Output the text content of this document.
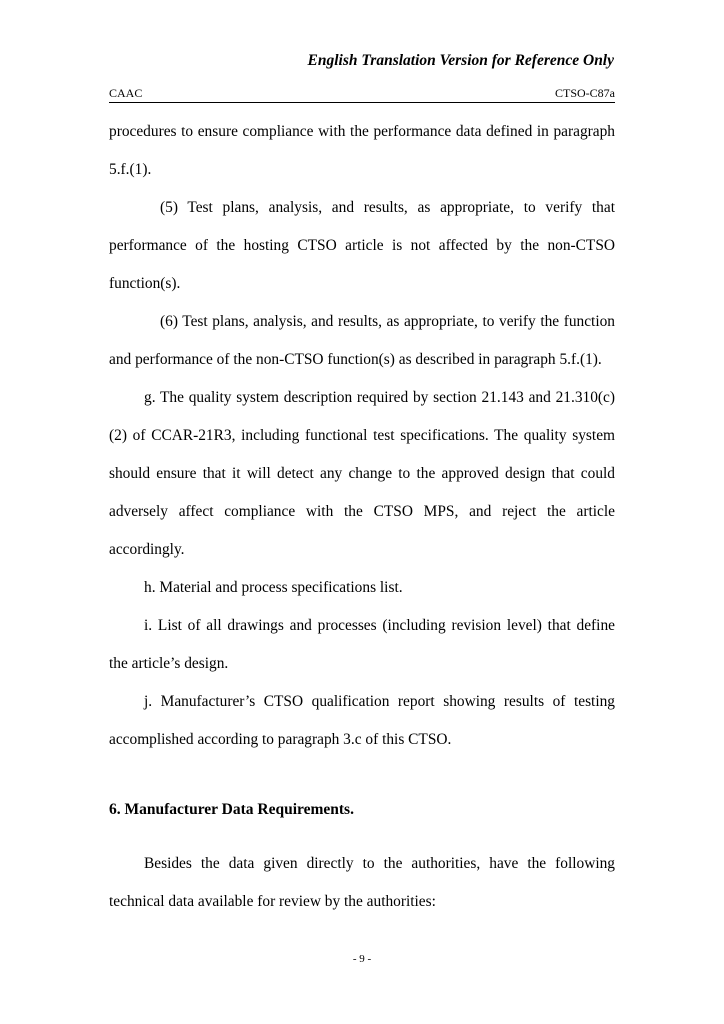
English Translation Version for Reference Only
CAAC	CTSO-C87a

procedures to ensure compliance with the performance data defined in paragraph 5.f.(1).

(5) Test plans, analysis, and results, as appropriate, to verify that performance of the hosting CTSO article is not affected by the non-CTSO function(s).

(6) Test plans, analysis, and results, as appropriate, to verify the function and performance of the non-CTSO function(s) as described in paragraph 5.f.(1).

g. The quality system description required by section 21.143 and 21.310(c)(2) of CCAR-21R3, including functional test specifications. The quality system should ensure that it will detect any change to the approved design that could adversely affect compliance with the CTSO MPS, and reject the article accordingly.

h. Material and process specifications list.

i. List of all drawings and processes (including revision level) that define the article’s design.

j. Manufacturer’s CTSO qualification report showing results of testing accomplished according to paragraph 3.c of this CTSO.

6. Manufacturer Data Requirements.

Besides the data given directly to the authorities, have the following technical data available for review by the authorities:

- 9 -
